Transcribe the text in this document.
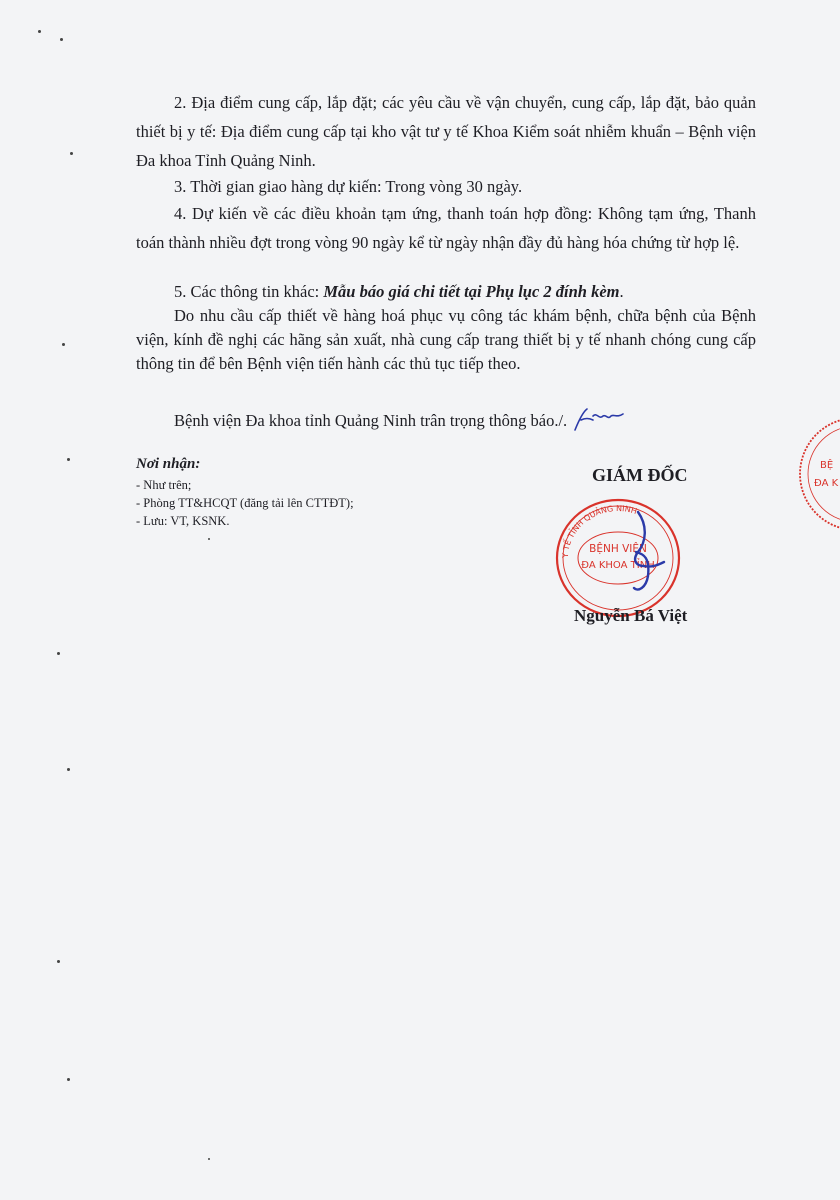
2. Địa điểm cung cấp, lắp đặt; các yêu cầu về vận chuyển, cung cấp, lắp đặt, bảo quản thiết bị y tế: Địa điểm cung cấp tại kho vật tư y tế Khoa Kiểm soát nhiễm khuẩn – Bệnh viện Đa khoa Tỉnh Quảng Ninh.

3. Thời gian giao hàng dự kiến: Trong vòng 30 ngày.

4. Dự kiến về các điều khoản tạm ứng, thanh toán hợp đồng: Không tạm ứng, Thanh toán thành nhiều đợt trong vòng 90 ngày kể từ ngày nhận đầy đủ hàng hóa chứng từ hợp lệ.

5. Các thông tin khác: Mẫu báo giá chi tiết tại Phụ lục 2 đính kèm.

Do nhu cầu cấp thiết về hàng hoá phục vụ công tác khám bệnh, chữa bệnh của Bệnh viện, kính đề nghị các hãng sản xuất, nhà cung cấp trang thiết bị y tế nhanh chóng cung cấp thông tin để bên Bệnh viện tiến hành các thủ tục tiếp theo.

Bệnh viện Đa khoa tỉnh Quảng Ninh trân trọng thông báo./.

Nơi nhận:
- Như trên;
- Phòng TT&HCQT (đăng tải lên CTTĐT);
- Lưu: VT, KSNK.
GIÁM ĐỐC
Y TẾ TỈNH QUẢNG NINH
BỆNH VIỆN
ĐA KHOA TỈNH
Nguyễn Bá Việt
BỆ
ĐA K
